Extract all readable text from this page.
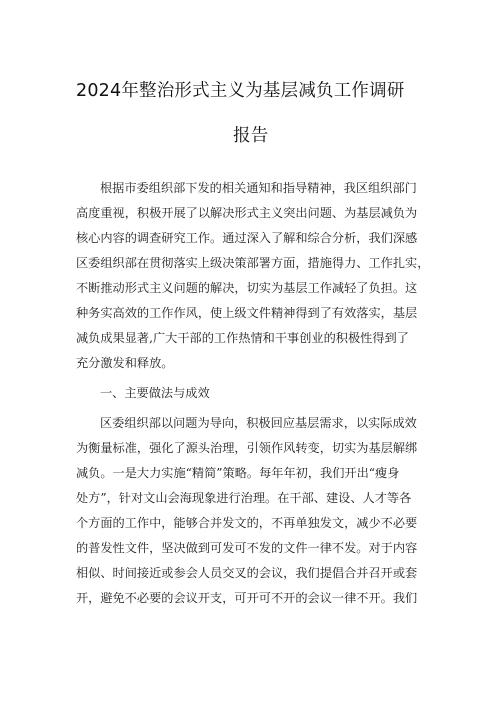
2024年整治形式主义为基层减负工作调研
报告
根据市委组织部下发的相关通知和指导精神，我区组织部门
高度重视，积极开展了以解决形式主义突出问题、为基层减负为
核心内容的调查研究工作。通过深入了解和综合分析，我们深感
区委组织部在贯彻落实上级决策部署方面，措施得力、工作扎实，
不断推动形式主义问题的解决，切实为基层工作减轻了负担。这
种务实高效的工作作风，使上级文件精神得到了有效落实，基层
减负成果显著,广大干部的工作热情和干事创业的积极性得到了
充分激发和释放。
一、主要做法与成效
区委组织部以问题为导向，积极回应基层需求，以实际成效
为衡量标准，强化了源头治理，引领作风转变，切实为基层解绑
减负。一是大力实施“精简”策略。每年年初，我们开出“瘦身
处方”，针对文山会海现象进行治理。在干部、建设、人才等各
个方面的工作中，能够合并发文的，不再单独发文，减少不必要
的普发性文件，坚决做到可发可不发的文件一律不发。对于内容
相似、时间接近或参会人员交叉的会议，我们提倡合并召开或套
开，避免不必要的会议开支，可开可不开的会议一律不开。我们
